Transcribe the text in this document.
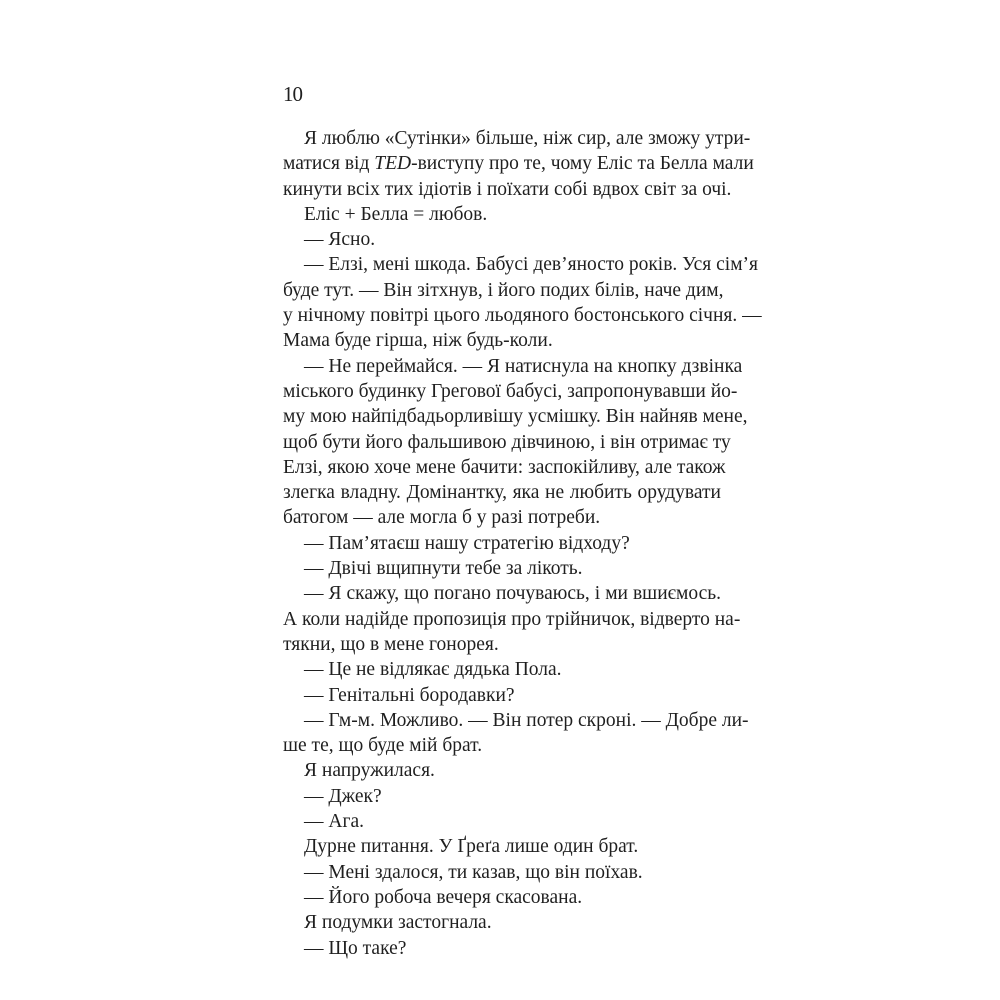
10
Я люблю «Сутінки» більше, ніж сир, але зможу утри-
матися від TED-виступу про те, чому Еліс та Белла мали
кинути всіх тих ідіотів і поїхати собі вдвох світ за очі.
Еліс + Белла = любов.
— Ясно.
— Елзі, мені шкода. Бабусі дев’яносто років. Уся сім’я
буде тут. — Він зітхнув, і його подих білів, наче дим,
у нічному повітрі цього льодяного бостонського січня. —
Мама буде гірша, ніж будь-коли.
— Не переймайся. — Я натиснула на кнопку дзвінка
міського будинку Грегової бабусі, запропонувавши йо-
му мою найпідбадьорливішу усмішку. Він найняв мене,
щоб бути його фальшивою дівчиною, і він отримає ту
Елзі, якою хоче мене бачити: заспокійливу, але також
злегка владну. Домінантку, яка не любить орудувати
батогом — але могла б у разі потреби.
— Пам’ятаєш нашу стратегію відходу?
— Двічі вщипнути тебе за лікоть.
— Я скажу, що погано почуваюсь, і ми вшиємось.
А коли надійде пропозиція про трійничок, відверто на-
тякни, що в мене гонорея.
— Це не відлякає дядька Пола.
— Генітальні бородавки?
— Гм-м. Можливо. — Він потер скроні. — Добре ли-
ше те, що буде мій брат.
Я напружилася.
— Джек?
— Ага.
Дурне питання. У Ґреґа лише один брат.
— Мені здалося, ти казав, що він поїхав.
— Його робоча вечеря скасована.
Я подумки застогнала.
— Що таке?
